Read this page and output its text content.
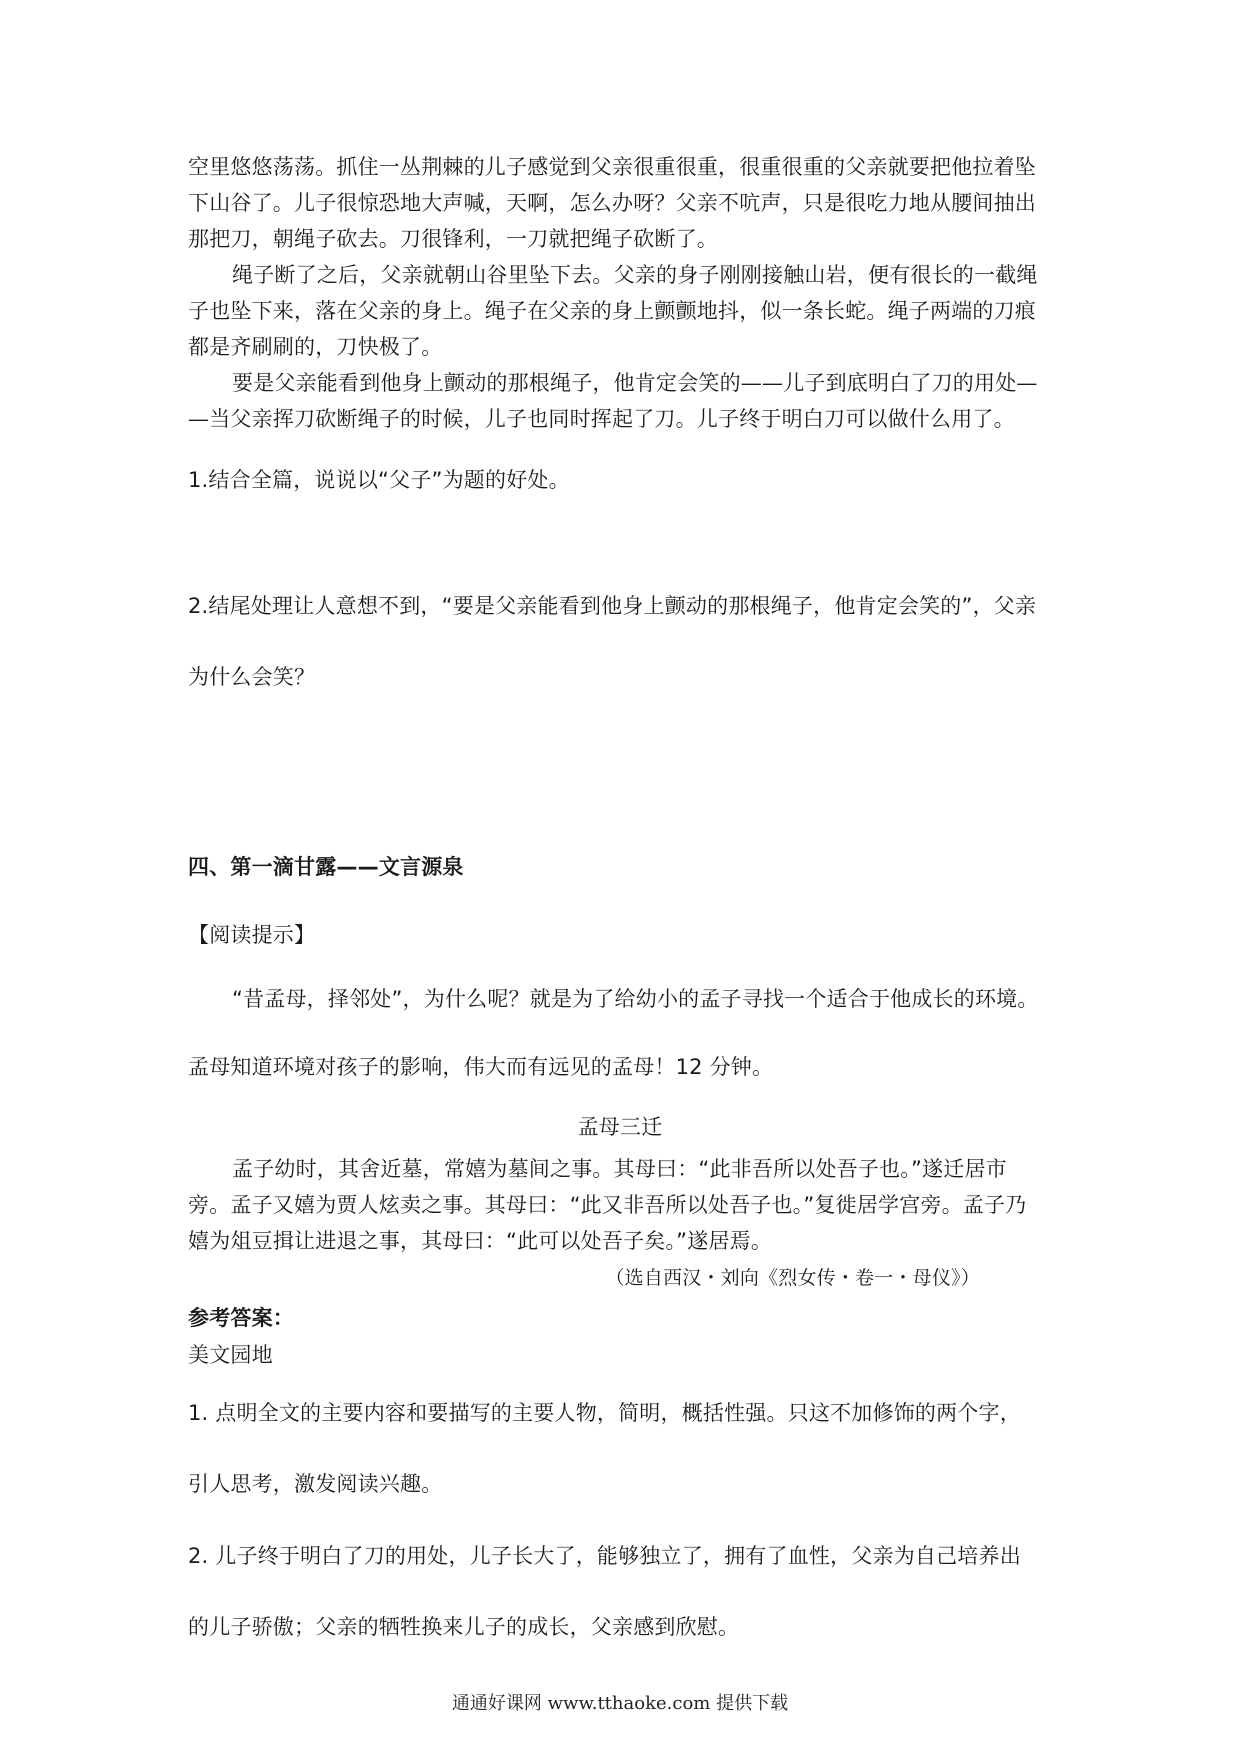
空里悠悠荡荡。抓住一丛荆棘的儿子感觉到父亲很重很重，很重很重的父亲就要把他拉着坠
下山谷了。儿子很惊恐地大声喊，天啊，怎么办呀？父亲不吭声，只是很吃力地从腰间抽出
那把刀，朝绳子砍去。刀很锋利，一刀就把绳子砍断了。
绳子断了之后，父亲就朝山谷里坠下去。父亲的身子刚刚接触山岩，便有很长的一截绳
子也坠下来，落在父亲的身上。绳子在父亲的身上颤颤地抖，似一条长蛇。绳子两端的刀痕
都是齐刷刷的，刀快极了。
要是父亲能看到他身上颤动的那根绳子，他肯定会笑的——儿子到底明白了刀的用处—
—当父亲挥刀砍断绳子的时候，儿子也同时挥起了刀。儿子终于明白刀可以做什么用了。
1.结合全篇，说说以“父子”为题的好处。
2.结尾处理让人意想不到，“要是父亲能看到他身上颤动的那根绳子，他肯定会笑的”，父亲
为什么会笑？
四、第一滴甘露——文言源泉
【阅读提示】
“昔孟母，择邻处”，为什么呢？就是为了给幼小的孟子寻找一个适合于他成长的环境。
孟母知道环境对孩子的影响，伟大而有远见的孟母！12 分钟。
孟母三迁
孟子幼时，其舍近墓，常嬉为墓间之事。其母曰：“此非吾所以处吾子也。”遂迁居市
旁。孟子又嬉为贾人炫卖之事。其母曰：“此又非吾所以处吾子也。”复徙居学宫旁。孟子乃
嬉为俎豆揖让进退之事，其母曰：“此可以处吾子矣。”遂居焉。
（选自西汉・刘向《烈女传・卷一・母仪》）
参考答案：
美文园地
1. 点明全文的主要内容和要描写的主要人物，简明，概括性强。只这不加修饰的两个字，
引人思考，激发阅读兴趣。
2. 儿子终于明白了刀的用处，儿子长大了，能够独立了，拥有了血性，父亲为自己培养出
的儿子骄傲；父亲的牺牲换来儿子的成长，父亲感到欣慰。
通通好课网 www.tthaoke.com 提供下载
